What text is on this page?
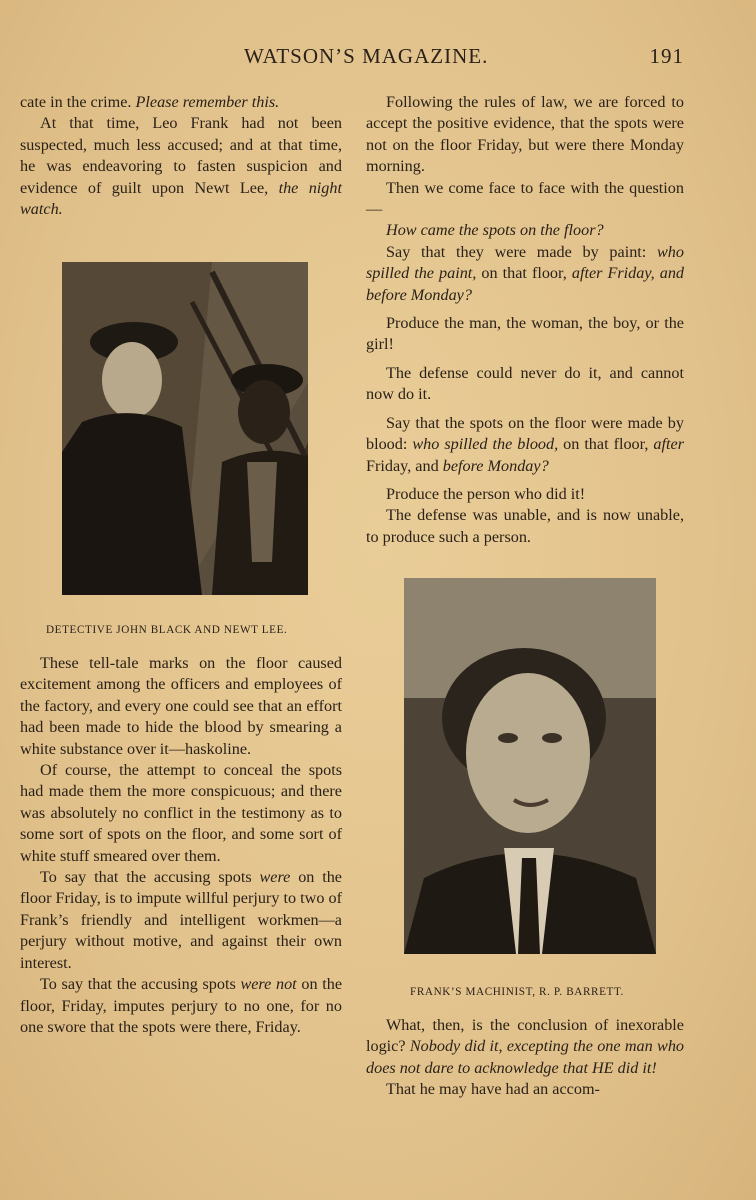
WATSON’S MAGAZINE.	191

cate in the crime. Please remember this.

At that time, Leo Frank had not been suspected, much less accused; and at that time, he was endeavoring to fasten suspicion and evidence of guilt upon Newt Lee, the night watch.

DETECTIVE JOHN BLACK AND NEWT LEE.

These tell-tale marks on the floor caused excitement among the officers and employees of the factory, and every one could see that an effort had been made to hide the blood by smearing a white substance over it—haskoline.

Of course, the attempt to conceal the spots had made them the more conspicuous; and there was absolutely no conflict in the testimony as to some sort of spots on the floor, and some sort of white stuff smeared over them.

To say that the accusing spots were on the floor Friday, is to impute willful perjury to two of Frank’s friendly and intelligent workmen—a perjury without motive, and against their own interest.

To say that the accusing spots were not on the floor, Friday, imputes perjury to no one, for no one swore that the spots were there, Friday.

Following the rules of law, we are forced to accept the positive evidence, that the spots were not on the floor Friday, but were there Monday morning.

Then we come face to face with the question—

How came the spots on the floor?

Say that they were made by paint: who spilled the paint, on that floor, after Friday, and before Monday?

Produce the man, the woman, the boy, or the girl!

The defense could never do it, and cannot now do it.

Say that the spots on the floor were made by blood: who spilled the blood, on that floor, after Friday, and before Monday?

Produce the person who did it!

The defense was unable, and is now unable, to produce such a person.

FRANK’S MACHINIST, R. P. BARRETT.

What, then, is the conclusion of inexorable logic? Nobody did it, excepting the one man who does not dare to acknowledge that HE did it!

That he may have had an accom-
